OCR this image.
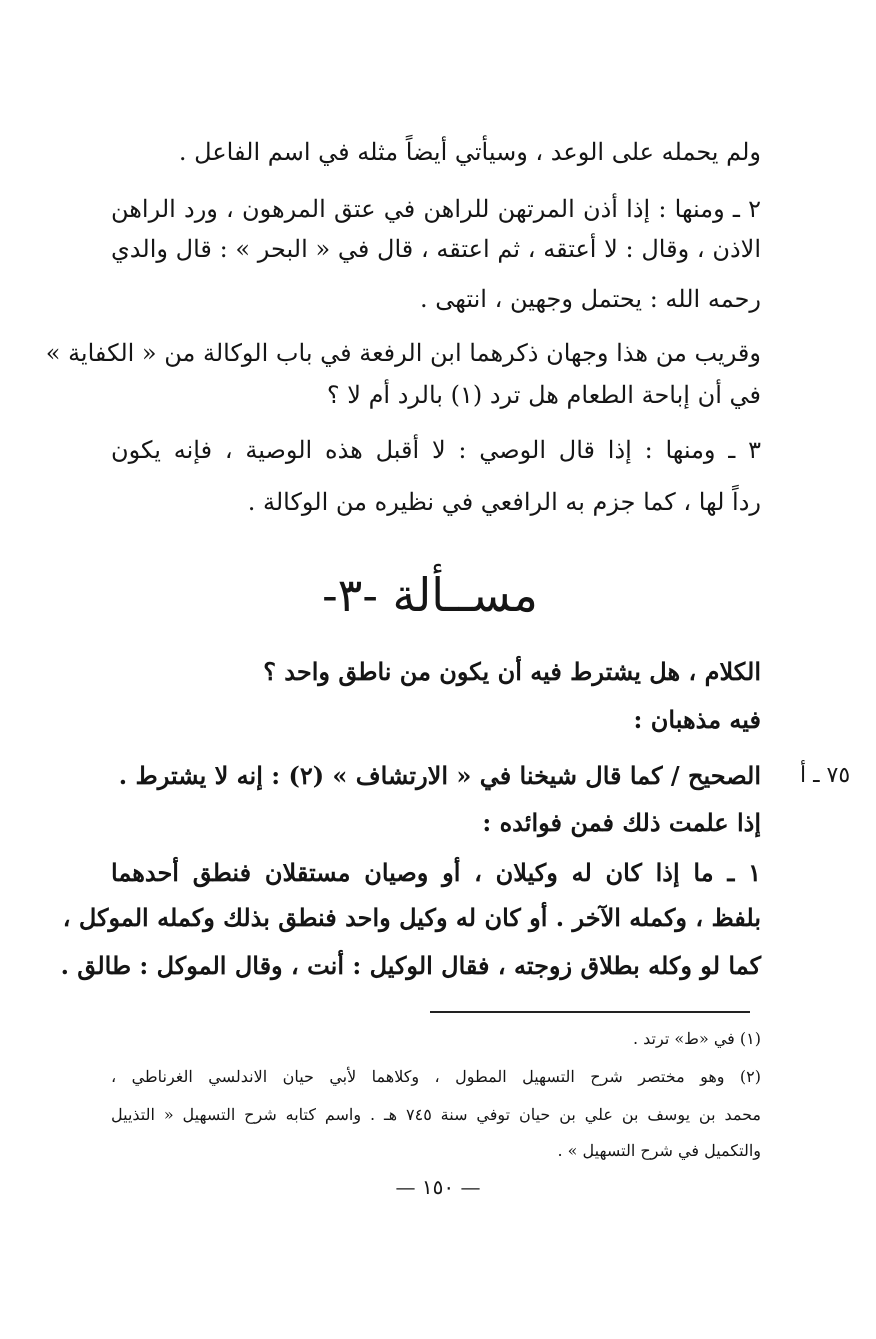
ولم يحمله على الوعد ، وسيأتي أيضاً مثله في اسم الفاعل .
٢ ـ ومنها : إذا أذن المرتهن للراهن في عتق المرهون ، ورد الراهن
الاذن ، وقال : لا أعتقه ، ثم اعتقه ، قال في « البحر » : قال والدي
رحمه الله : يحتمل وجهين ، انتهى .
وقريب من هذا وجهان ذكرهما ابن الرفعة في باب الوكالة من « الكفاية »
في أن إباحة الطعام هل ترد (١) بالرد أم لا ؟
٣ ـ ومنها : إذا قال الوصي : لا أقبل هذه الوصية ، فإنه يكون
رداً لها ، كما جزم به الرافعي في نظيره من الوكالة .
مســألة -٣-
الكلام ، هل يشترط فيه أن يكون من ناطق واحد ؟
فيه مذهبان :
الصحيح / كما قال شيخنا في « الارتشاف » (٢) : إنه لا يشترط . ٧٥ ـ أ
إذا علمت ذلك فمن فوائده :
١ ـ ما إذا كان له وكيلان ، أو وصيان مستقلان فنطق أحدهما
بلفظ ، وكمله الآخر . أو كان له وكيل واحد فنطق بذلك وكمله الموكل ،
كما لو وكله بطلاق زوجته ، فقال الوكيل : أنت ، وقال الموكل : طالق .
(١) في «ط» ترتد .
(٢) وهو مختصر شرح التسهيل المطول ، وكلاهما لأبي حيان الاندلسي الغرناطي ،
محمد بن يوسف بن علي بن حيان توفي سنة ٧٤٥ هـ . واسم كتابه شرح التسهيل « التذييل
والتكميل في شرح التسهيل » .
— ١٥٠ —
